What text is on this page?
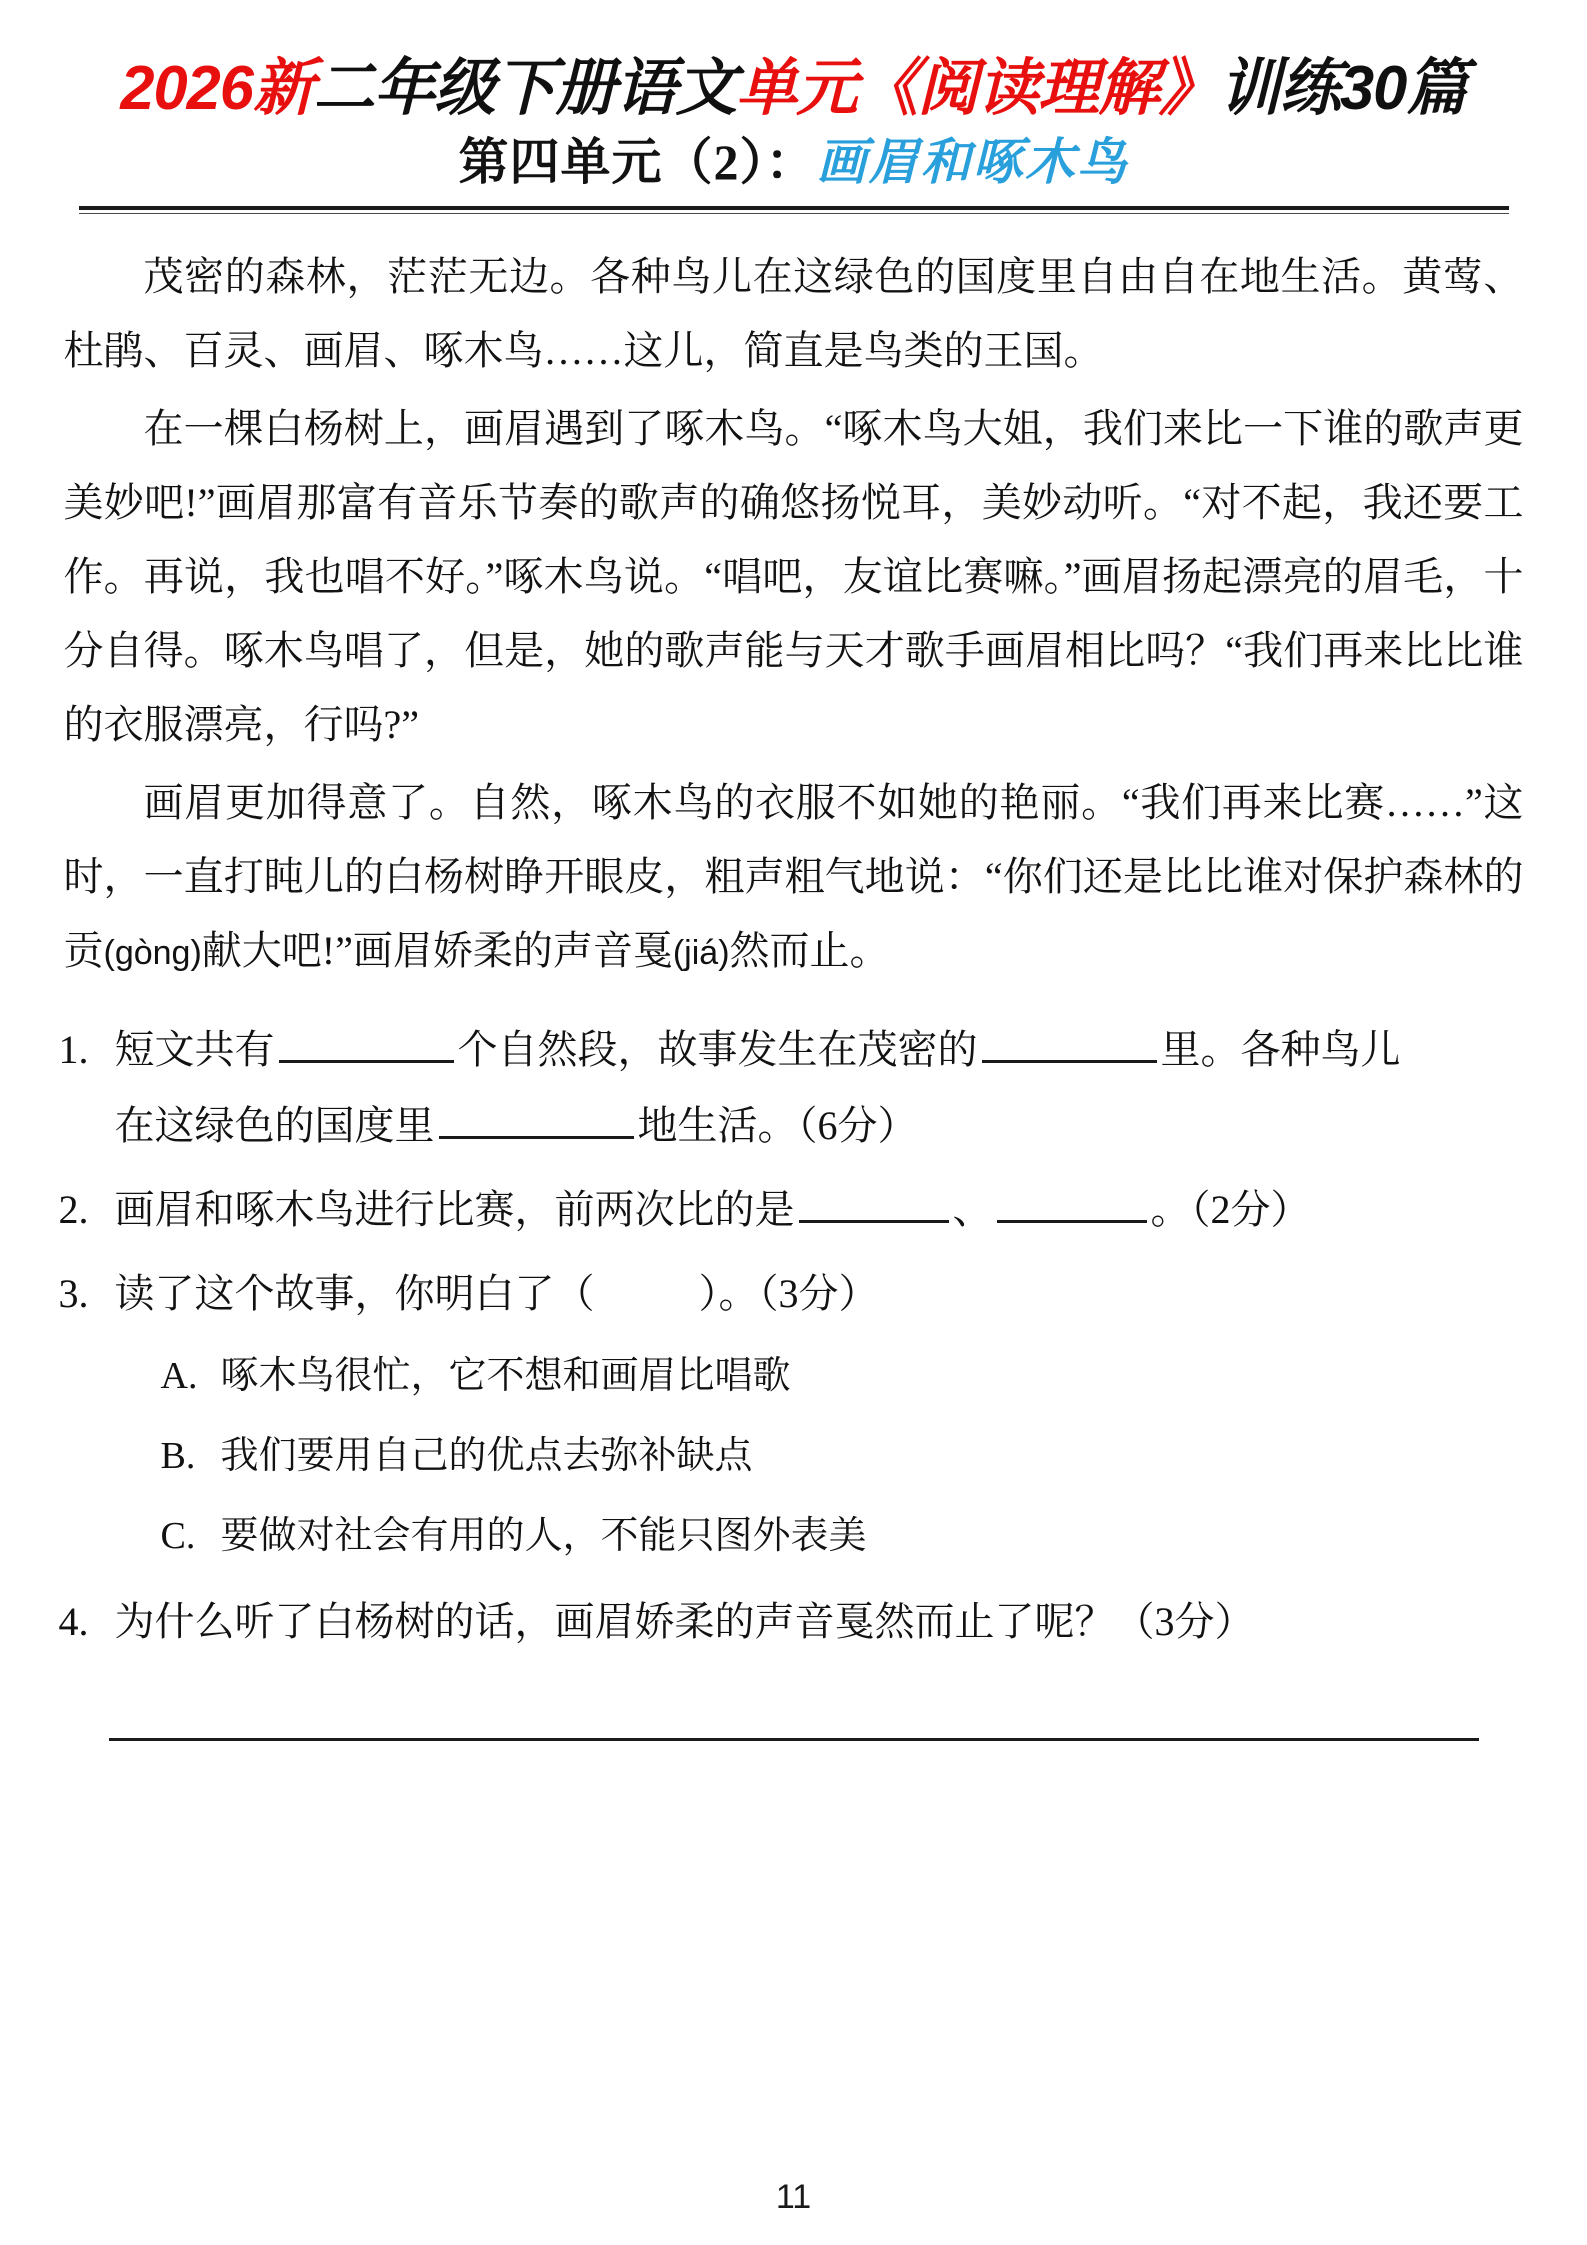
2026新二年级下册语文单元《阅读理解》训练30篇
第四单元（2）：画眉和啄木鸟

茂密的森林，茫茫无边。各种鸟儿在这绿色的国度里自由自在地生活。黄莺、杜鹃、百灵、画眉、啄木鸟……这儿，简直是鸟类的王国。

在一棵白杨树上，画眉遇到了啄木鸟。“啄木鸟大姐，我们来比一下谁的歌声更美妙吧!”画眉那富有音乐节奏的歌声的确悠扬悦耳，美妙动听。“对不起，我还要工作。再说，我也唱不好。”啄木鸟说。“唱吧，友谊比赛嘛。”画眉扬起漂亮的眉毛，十分自得。啄木鸟唱了，但是，她的歌声能与天才歌手画眉相比吗？“我们再来比比谁的衣服漂亮，行吗?”

画眉更加得意了。自然，啄木鸟的衣服不如她的艳丽。“我们再来比赛……”这时，一直打盹儿的白杨树睁开眼皮，粗声粗气地说：“你们还是比比谁对保护森林的贡(gòng)献大吧!”画眉娇柔的声音戛(jiá)然而止。

1. 短文共有	个自然段，故事发生在茂密的	里。各种鸟儿
在这绿色的国度里	地生活。（6分）
2. 画眉和啄木鸟进行比赛，前两次比的是	、	。（2分）
3. 读了这个故事，你明白了（	）。（3分）
A. 啄木鸟很忙，它不想和画眉比唱歌
B. 我们要用自己的优点去弥补缺点
C. 要做对社会有用的人，不能只图外表美
4. 为什么听了白杨树的话，画眉娇柔的声音戛然而止了呢？（3分）
11
